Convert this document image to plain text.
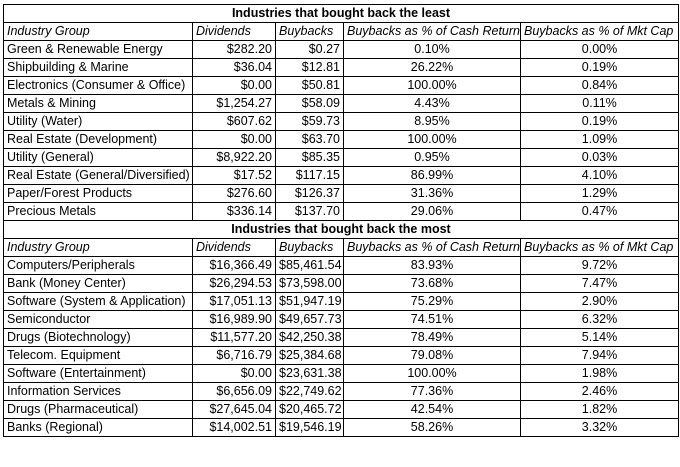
Industries that bought back the least				
Industry Group	Dividends	Buybacks	Buybacks as % of Cash Return	Buybacks as % of Mkt Cap
Green & Renewable Energy	$282.20	$0.27	0.10%	0.00%
Shipbuilding & Marine	$36.04	$12.81	26.22%	0.19%
Electronics (Consumer & Office)	$0.00	$50.81	100.00%	0.84%
Metals & Mining	$1,254.27	$58.09	4.43%	0.11%
Utility (Water)	$607.62	$59.73	8.95%	0.19%
Real Estate (Development)	$0.00	$63.70	100.00%	1.09%
Utility (General)	$8,922.20	$85.35	0.95%	0.03%
Real Estate (General/Diversified)	$17.52	$117.15	86.99%	4.10%
Paper/Forest Products	$276.60	$126.37	31.36%	1.29%
Precious Metals	$336.14	$137.70	29.06%	0.47%
Industries that bought back the most				
Industry Group	Dividends	Buybacks	Buybacks as % of Cash Return	Buybacks as % of Mkt Cap
Computers/Peripherals	$16,366.49	$85,461.54	83.93%	9.72%
Bank (Money Center)	$26,294.53	$73,598.00	73.68%	7.47%
Software (System & Application)	$17,051.13	$51,947.19	75.29%	2.90%
Semiconductor	$16,989.90	$49,657.73	74.51%	6.32%
Drugs (Biotechnology)	$11,577.20	$42,250.38	78.49%	5.14%
Telecom. Equipment	$6,716.79	$25,384.68	79.08%	7.94%
Software (Entertainment)	$0.00	$23,631.38	100.00%	1.98%
Information Services	$6,656.09	$22,749.62	77.36%	2.46%
Drugs (Pharmaceutical)	$27,645.04	$20,465.72	42.54%	1.82%
Banks (Regional)	$14,002.51	$19,546.19	58.26%	3.32%
